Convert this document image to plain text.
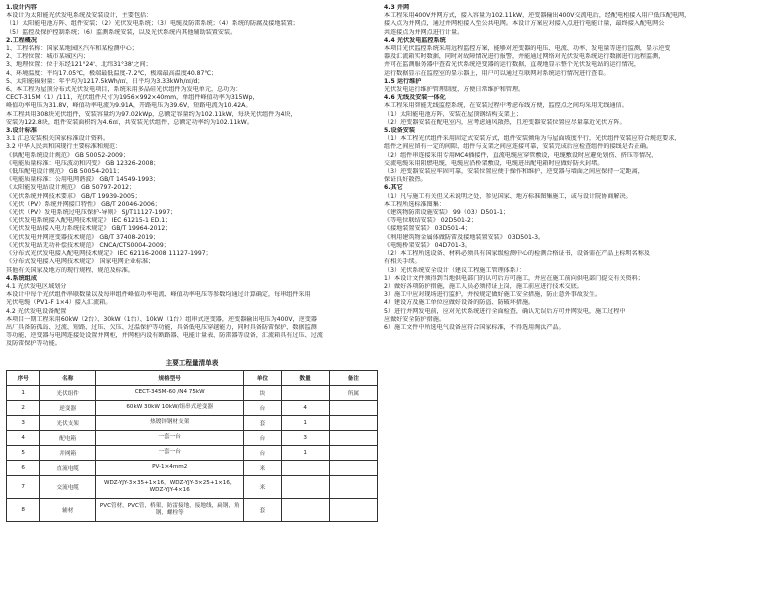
1.设计内容
本设计为太阳能光伏发电系统及安装设计，主要包括：
（1）太阳能电池方阵、组件安装；（2）光伏发电系统；（3）电缆及防雷系统；（4）系统的防腐及接地装置；
（5）监控及保护控制系统；（6）监测系统安装，以及光伏系统内其他辅助装置安装。
2.工程概况
1、工程名称：国家某地园区汽车和某检测中心；
2、工程位置：城市某城区内；
3、地理位置：位于东经121°24'、北纬31°38'之间；
4、环境温度：平均17.05℃，极端最低温度-7.2℃，极端最高温度40.87℃；
5、太阳能辐射量：年平均为1217.5kWh/㎡，日平均为3.33kWh/㎡/d；
6、本工程为屋顶分布式光伏发电项目，系统采用多晶硅光伏组件为发电单元，总功为：
CECT-315M（1）/111，光伏组件尺寸为1956×992×40mm，单组件峰值功率为315Wp，
峰值功率电压为31.8V，峰值功率电流为9.91A，开路电压为39.6V，短路电流为10.42A。
本工程共用308块光伏组件，安装容量约为97.02kWp，总额定容量约为102.11kW，每块光伏组件为4块，
安装为122.8块，组件安装面积约为4.6㎡，共安装光伏组件，总额定功率约为102.11kW。
3.设计标准
3.1 汇总安装相关国家标准设计资料。
3.2 中华人民共和国现行主要标准和规范：
《供配电系统设计规范》 GB 50052-2009；
《电能质量标准：电压波动和闪变》 GB 12326-2008；
《低压配电设计规范》 GB 50054-2011；
《电能质量标准：公用电网谐波》 GB/T 14549-1993；
《太阳能发电站设计规范》 GB 50797-2012；
《光伏系统并网技术要求》 GB/T 19939-2005；
《光伏（PV）系统并网接口特性》 GB/T 20046-2006；
《光伏（PV）发电系统过电压保护-导则》 SJ/T11127-1997；
《光伏发电系统接入配电网技术规定》 IEC 61215-1 ED.1；
《光伏发电站接入电力系统技术规定》 GB/T 19964-2012；
《光伏发电并网逆变器技术规范》 GB/T 37408-2019；
《光伏发电站无功补偿技术规范》 CNCA/CTS0004-2009；
《分布式光伏发电接入配电网技术规定》 IEC 62116-2008 11127-1997；
《分布式发电接入电网技术规定》 国家电网企业标准；
其他有关国家及地方的现行规程、规范及标准。
4.系统组成
4.1 光伏发电区域划分
本设计中每个光伏组件串联数量以及每串组件峰值功率电流、峰值功率电压等参数均通过计算确定，每串组件采用
光伏电缆（PV1-F 1×4）接入汇流箱。
4.2 光伏发电设备配置
本项目一期工程采用60kW（2台）、30kW（1台）、10kW（1台）组串式逆变器，逆变器输出电压为400V，逆变器
出厂具备防孤岛、过流、短路、过压、欠压、过温保护等功能，具备低电压穿越能力，同时具备防雷保护、数据监测
等功能，逆变器与电网连接处设置并网柜，并网柜内设有断路器、电能计量表、防雷器等设备，汇流箱具有过压、过流
及防雷保护等功能。
主要工程量清单表
序号	名称	规格型号	单位	数量	备注
1	光伏组件	CECT-345M-60 /N4 75kW	块		所属
2	逆变器	60kW 30kW 10kW/组串式逆变器	台	4	
3	光伏支架	热镀锌钢材支架	套	1	
4	配电箱	一套一台	台	3	
5	并网箱	一套一台	台	1	
6	直流电缆	PV-1×4mm2	米		
7	交流电缆	WDZ-YJY-3×35+1×16，WDZ-YJY-3×25+1×16，WDZ-YJY-4×16	米		
8	辅材	PVC管材，PVC管，桥架，防雷接地，接地线，扁钢，角钢，螺栓等	套		
4.3 并网
本工程采用400V并网方式，接入容量为102.11kW，逆变器输出400V交流电后，经配电柜接入用户低压配电网，
接入点为并网点，通过并网柜接入至公共电网。本设计方案应对接入点进行电能计量，最终接入配电网公
共连接点为并网点进行计量。
4.4 光伏发电监控系统
本项目光伏监控系统采用远程监控方案，能够对逆变器的电压、电流、功率、发电量等进行监测，显示逆变
器及汇流箱实时数据，同时对故障情况进行报警，并能通过网络对光伏发电系统运行数据进行远程监测，
并可在监测服务器中查看光伏系统逆变器的运行数据，直观地显示整个光伏发电站的运行情况，
运行数据显示在监控室的显示器上，用户可以通过互联网对系统运行情况进行查看。
1.5 运行维护
光伏发电运行维护管理制度，方便日常维护和管理。
4.6 无线及安装一体化
本工程采用智能无线监控系统，在安装过程中考虑布线方便，监控点之间均采用无线通信。
（1）太阳能电池方阵，安装在屋顶钢结构支架上；
（2）逆变器安装在配电室内，应考虑通风散热，且逆变器安装位置应尽量靠近光伏方阵。
5.设备安装
（1）本工程光伏组件采用固定式安装方式，组件安装倾角为与屋面坡度平行，光伏组件安装应符合规范要求，
组件之间应留有一定的间隙，组件与支架之间应连接可靠，安装完成后应检查组件的接线是否正确。
（2）组件串连接采用专用MC4插接件，直流电缆应穿管敷设，电缆敷设时应避免划伤、挤压等情况，
交流电缆采用阻燃电缆，电缆应沿桥架敷设，电缆进出配电箱时应做好防火封堵。
（3）逆变器安装应牢固可靠，安装位置应便于操作和维护，逆变器与墙面之间应保持一定距离，
保证良好散热。
6.其它
（1）凡与施工有关但又未说明之处，参见国家、地方标准图集施工，或与设计院协商解决。
本工程所选标准图集：
《建筑物防雷设施安装》 99（03）D501-1；
《等电位联结安装》 02D501-2；
《接地装置安装》 03D501-4；
《利用建筑物金属体做防雷及接地装置安装》 03D501-3。
《电缆桥架安装》 04D701-3。
（2）本工程所选设备、材料必须具有国家级检测中心的检测合格证书，设备需在产品上标明名称及
有相关手续。
（3）光伏系统安全设计（建议工程施工管理体系）：
1）本设计文件须得到当地供电部门的认可后方可施工，并应在施工前向供电部门提交有关资料；
2）做好各项防护措施，施工人员必须持证上岗，施工前应进行技术交底。
3）施工中应对现场进行监护，并按规定做好施工安全措施，防止意外事故发生。
4）建设方及施工单位应做好设备的防盗、防破坏措施。
5）进行并网发电前，应对光伏系统进行全面检查，确认无误后方可并网发电，施工过程中
应做好安全防护措施。
6）施工文件中所选电气设备应符合国家标准，不得选用淘汰产品。
